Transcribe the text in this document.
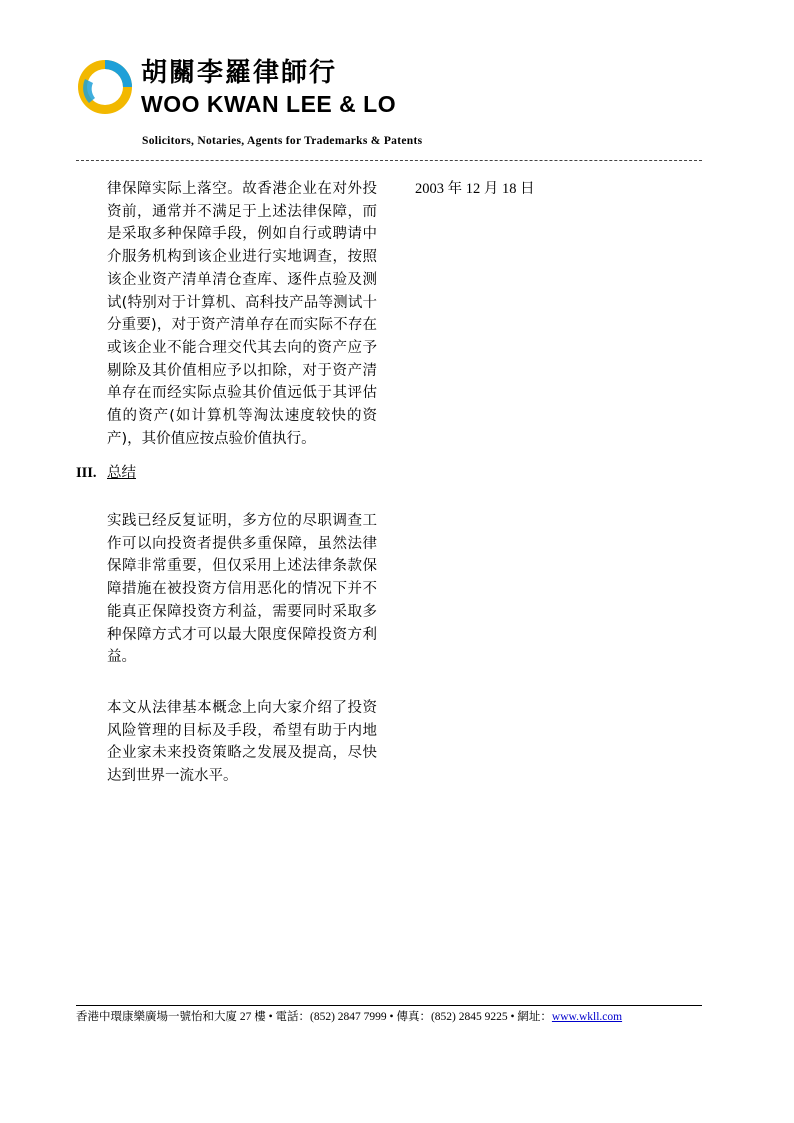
胡關李羅律師行
WOO KWAN LEE & LO
Solicitors, Notaries, Agents for Trademarks & Patents
律保障实际上落空。故香港企业在对外投资前，通常并不满足于上述法律保障，而是采取多种保障手段，例如自行或聘请中介服务机构到该企业进行实地调查，按照该企业资产清单清仓查库、逐件点验及测试(特别对于计算机、高科技产品等测试十分重要)，对于资产清单存在而实际不存在或该企业不能合理交代其去向的资产应予剔除及其价值相应予以扣除，对于资产清单存在而经实际点验其价值远低于其评估值的资产(如计算机等淘汰速度较快的资产)，其价值应按点验价值执行。
2003 年 12 月 18 日
III. 总结
实践已经反复证明，多方位的尽职调查工作可以向投资者提供多重保障，虽然法律保障非常重要，但仅采用上述法律条款保障措施在被投资方信用恶化的情况下并不能真正保障投资方利益，需要同时采取多种保障方式才可以最大限度保障投资方利益。
本文从法律基本概念上向大家介绍了投资风险管理的目标及手段，希望有助于内地企业家未来投资策略之发展及提高，尽快达到世界一流水平。
香港中環康樂廣場一號怡和大廈 27 樓 • 電話：(852) 2847 7999 • 傳真：(852) 2845 9225 • 網址：www.wkll.com
